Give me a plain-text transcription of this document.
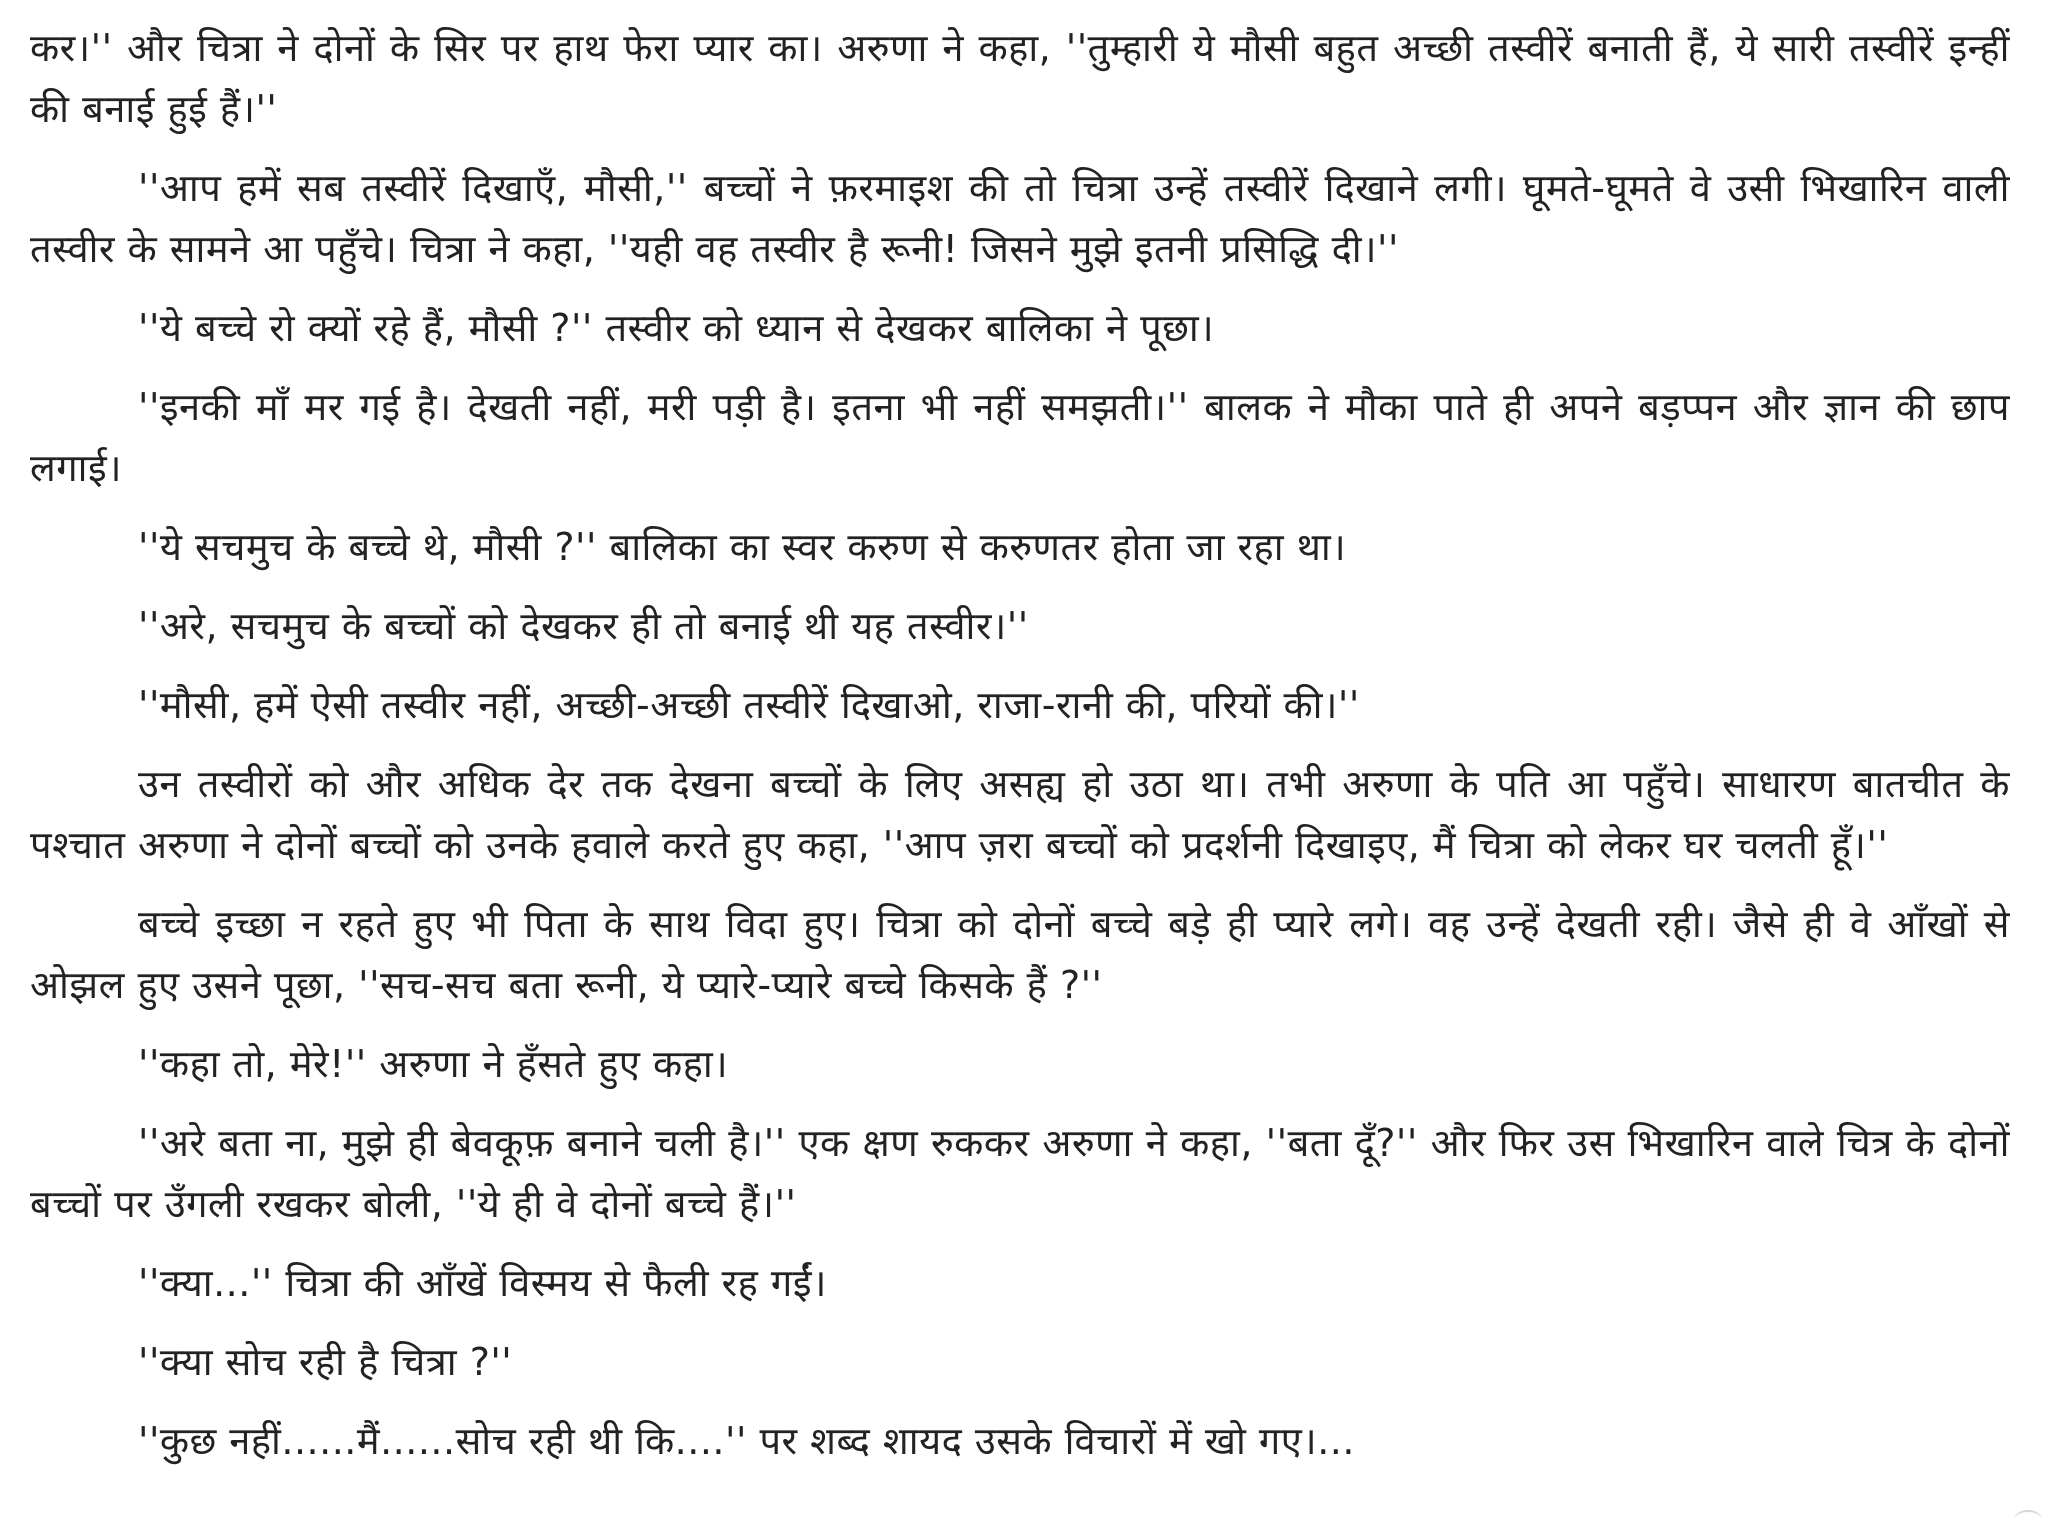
कर।'' और चित्रा ने दोनों के सिर पर हाथ फेरा प्यार का। अरुणा ने कहा, ''तुम्हारी ये मौसी बहुत अच्छी तस्वीरें बनाती हैं, ये सारी तस्वीरें इन्हीं की बनाई हुई हैं।''

''आप हमें सब तस्वीरें दिखाएँ, मौसी,'' बच्चों ने फ़रमाइश की तो चित्रा उन्हें तस्वीरें दिखाने लगी। घूमते-घूमते वे उसी भिखारिन वाली तस्वीर के सामने आ पहुँचे। चित्रा ने कहा, ''यही वह तस्वीर है रूनी! जिसने मुझे इतनी प्रसिद्धि दी।''

''ये बच्चे रो क्यों रहे हैं, मौसी ?'' तस्वीर को ध्यान से देखकर बालिका ने पूछा।

''इनकी माँ मर गई है। देखती नहीं, मरी पड़ी है। इतना भी नहीं समझती।'' बालक ने मौका पाते ही अपने बड़प्पन और ज्ञान की छाप लगाई।

''ये सचमुच के बच्चे थे, मौसी ?'' बालिका का स्वर करुण से करुणतर होता जा रहा था।

''अरे, सचमुच के बच्चों को देखकर ही तो बनाई थी यह तस्वीर।''

''मौसी, हमें ऐसी तस्वीर नहीं, अच्छी-अच्छी तस्वीरें दिखाओ, राजा-रानी की, परियों की।''

उन तस्वीरों को और अधिक देर तक देखना बच्चों के लिए असह्य हो उठा था। तभी अरुणा के पति आ पहुँचे। साधारण बातचीत के पश्चात अरुणा ने दोनों बच्चों को उनके हवाले करते हुए कहा, ''आप ज़रा बच्चों को प्रदर्शनी दिखाइए, मैं चित्रा को लेकर घर चलती हूँ।''

बच्चे इच्छा न रहते हुए भी पिता के साथ विदा हुए। चित्रा को दोनों बच्चे बड़े ही प्यारे लगे। वह उन्हें देखती रही। जैसे ही वे आँखों से ओझल हुए उसने पूछा, ''सच-सच बता रूनी, ये प्यारे-प्यारे बच्चे किसके हैं ?''

''कहा तो, मेरे!'' अरुणा ने हँसते हुए कहा।

''अरे बता ना, मुझे ही बेवकूफ़ बनाने चली है।'' एक क्षण रुककर अरुणा ने कहा, ''बता दूँ?'' और फिर उस भिखारिन वाले चित्र के दोनों बच्चों पर उँगली रखकर बोली, ''ये ही वे दोनों बच्चे हैं।''

''क्या...'' चित्रा की आँखें विस्मय से फैली रह गईं।

''क्या सोच रही है चित्रा ?''

''कुछ नहीं......मैं......सोच रही थी कि....'' पर शब्द शायद उसके विचारों में खो गए।...
